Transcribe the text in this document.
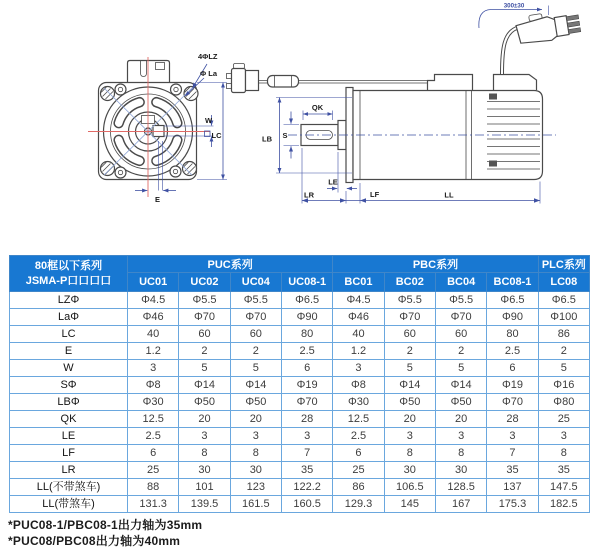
4ΦLZ
Φ La
W
LC
E
300±30
QK
S
LB
LE
LR	LF	LL
80框以下系列
JSMA-P口口口口	PUC系列				PBC系列				PLC系列
	UC01	UC02	UC04	UC08-1	BC01	BC02	BC04	BC08-1	LC08
LZΦ	Φ4.5	Φ5.5	Φ5.5	Φ6.5	Φ4.5	Φ5.5	Φ5.5	Φ6.5	Φ6.5
LaΦ	Φ46	Φ70	Φ70	Φ90	Φ46	Φ70	Φ70	Φ90	Φ100
LC	40	60	60	80	40	60	60	80	86
E	1.2	2	2	2.5	1.2	2	2	2.5	2
W	3	5	5	6	3	5	5	6	5
SΦ	Φ8	Φ14	Φ14	Φ19	Φ8	Φ14	Φ14	Φ19	Φ16
LBΦ	Φ30	Φ50	Φ50	Φ70	Φ30	Φ50	Φ50	Φ70	Φ80
QK	12.5	20	20	28	12.5	20	20	28	25
LE	2.5	3	3	3	2.5	3	3	3	3
LF	6	8	8	7	6	8	8	7	8
LR	25	30	30	35	25	30	30	35	35
LL(不带煞车)	88	101	123	122.2	86	106.5	128.5	137	147.5
LL(带煞车)	131.3	139.5	161.5	160.5	129.3	145	167	175.3	182.5
*PUC08-1/PBC08-1出力轴为35mm
*PUC08/PBC08出力轴为40mm
